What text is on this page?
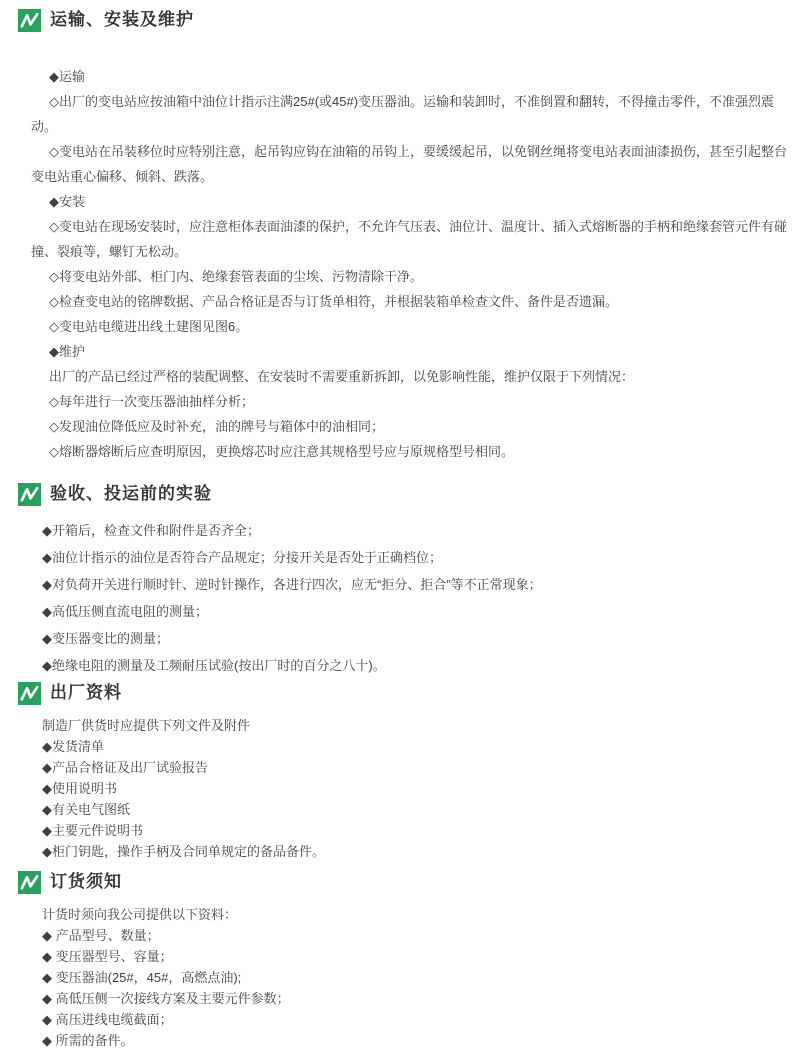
运输、安装及维护

◆运输

◇出厂的变电站应按油箱中油位计指示注满25#(或45#)变压器油。运输和装卸时，不准倒置和翻转，不得撞击零件，不准强烈震动。

◇变电站在吊装移位时应特别注意，起吊钩应钩在油箱的吊钩上，要缓缓起吊，以免钢丝绳将变电站表面油漆损伤，甚至引起整台变电站重心偏移、倾斜、跌落。

◆安装

◇变电站在现场安装时，应注意柜体表面油漆的保护，不允许气压表、油位计、温度计、插入式熔断器的手柄和绝缘套管元件有碰撞、裂痕等，螺钉无松动。

◇将变电站外部、柜门内、绝缘套管表面的尘埃、污物清除干净。

◇检查变电站的铭牌数据、产品合格证是否与订货单相符，并根据装箱单检查文件、备件是否遗漏。

◇变电站电缆进出线土建图见图6。

◆维护

出厂的产品已经过严格的装配调整、在安装时不需要重新拆卸，以免影响性能，维护仅限于下列情况：

◇每年进行一次变压器油抽样分析；

◇发现油位降低应及时补充，油的牌号与箱体中的油相同；

◇熔断器熔断后应查明原因，更换熔芯时应注意其规格型号应与原规格型号相同。

验收、投运前的实验

◆开箱后，检查文件和附件是否齐全；

◆油位计指示的油位是否符合产品规定；分接开关是否处于正确档位；

◆对负荷开关进行顺时针、逆时针操作，各进行四次，应无“拒分、拒合”等不正常现象；

◆高低压侧直流电阻的测量；

◆变压器变比的测量；

◆绝缘电阻的测量及工频耐压试验(按出厂时的百分之八十)。

出厂资料

制造厂供货时应提供下列文件及附件

◆发货清单

◆产品合格证及出厂试验报告

◆使用说明书

◆有关电气图纸

◆主要元件说明书

◆柜门钥匙，操作手柄及合同单规定的备品备件。

订货须知

计货时须向我公司提供以下资料：

◆ 产品型号、数量；

◆ 变压器型号、容量；

◆ 变压器油(25#，45#，高燃点油);

◆ 高低压侧一次接线方案及主要元件参数；

◆ 高压进线电缆截面；

◆ 所需的备件。
